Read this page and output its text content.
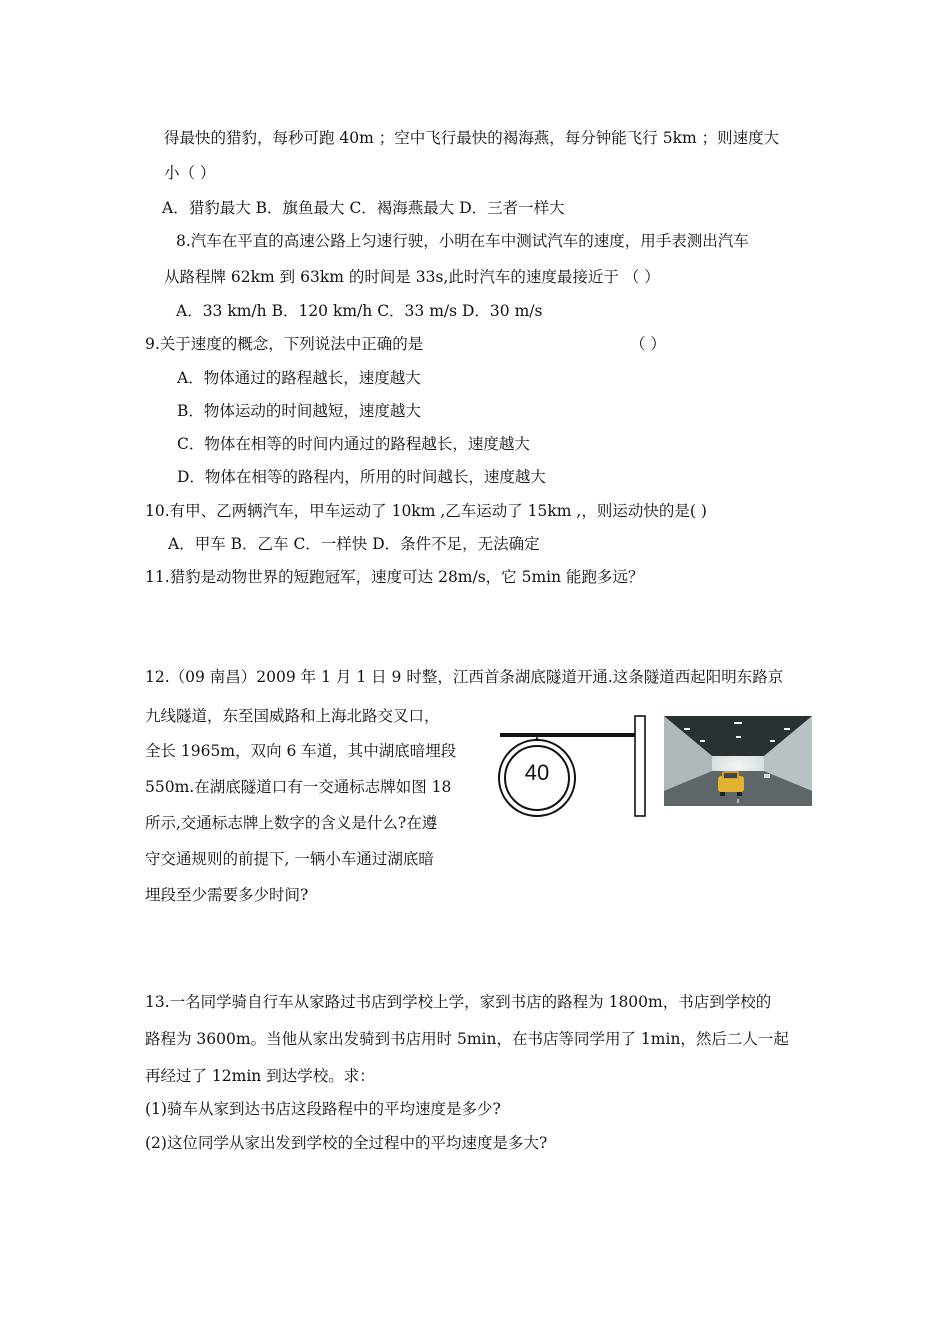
得最快的猎豹，每秒可跑 40m ；空中飞行最快的褐海燕，每分钟能飞行 5km ；则速度大
小（ ）
A．猎豹最大 B．旗鱼最大 C．褐海燕最大 D．三者一样大
8.汽车在平直的高速公路上匀速行驶，小明在车中测试汽车的速度，用手表测出汽车
从路程牌 62km 到 63km 的时间是 33s,此时汽车的速度最接近于 （ ）
A．33 km/h B．120 km/h C．33 m/s D．30 m/s
9.关于速度的概念，下列说法中正确的是	（ ）
A．物体通过的路程越长，速度越大
B．物体运动的时间越短，速度越大
C．物体在相等的时间内通过的路程越长，速度越大
D．物体在相等的路程内，所用的时间越长，速度越大
10.有甲、乙两辆汽车，甲车运动了 10km ,乙车运动了 15km ,，则运动快的是( )
A．甲车 B．乙车 C．一样快 D．条件不足，无法确定
11.猎豹是动物世界的短跑冠军，速度可达 28m/s，它 5min 能跑多远？
12.（09 南昌）2009 年 1 月 1 日 9 时整，江西首条湖底隧道开通.这条隧道西起阳明东路京
九线隧道，东至国威路和上海北路交叉口，
全长 1965m，双向 6 车道，其中湖底暗埋段
550m.在湖底隧道口有一交通标志牌如图 18
所示,交通标志牌上数字的含义是什么?在遵
守交通规则的前提下, 一辆小车通过湖底暗
埋段至少需要多少时间?
40
13.一名同学骑自行车从家路过书店到学校上学，家到书店的路程为 1800m，书店到学校的
路程为 3600m。当他从家出发骑到书店用时 5min，在书店等同学用了 1min，然后二人一起
再经过了 12min 到达学校。求：
(1)骑车从家到达书店这段路程中的平均速度是多少?
(2)这位同学从家出发到学校的全过程中的平均速度是多大?
